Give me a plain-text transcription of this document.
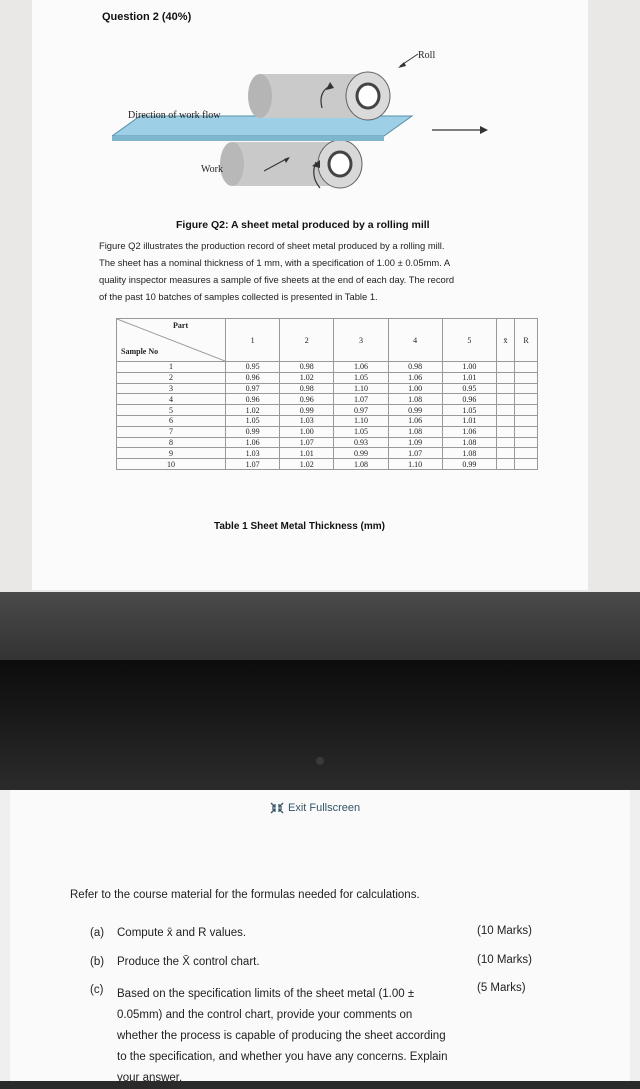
Question 2 (40%)
Roll
Direction of work flow
Work
Figure Q2: A sheet metal produced by a rolling mill
Figure Q2 illustrates the production record of sheet metal produced by a rolling mill.
The sheet has a nominal thickness of 1 mm, with a specification of 1.00 ± 0.05mm. A
quality inspector measures a sample of five sheets at the end of each day. The record
of the past 10 batches of samples collected is presented in Table 1.
Part
Sample No	1	2	3	4	5	x̄	R
1	0.95	0.98	1.06	0.98	1.00		
2	0.96	1.02	1.05	1.06	1.01		
3	0.97	0.98	1.10	1.00	0.95		
4	0.96	0.96	1.07	1.08	0.96		
5	1.02	0.99	0.97	0.99	1.05		
6	1.05	1.03	1.10	1.06	1.01		
7	0.99	1.00	1.05	1.08	1.06		
8	1.06	1.07	0.93	1.09	1.08		
9	1.03	1.01	0.99	1.07	1.08		
10	1.07	1.02	1.08	1.10	0.99		
Table 1 Sheet Metal Thickness (mm)
Refer to the course material for the formulas needed for calculations.
(a) Compute x̄ and R values.	(10 Marks)
(b) Produce the X̄ control chart.	(10 Marks)
(c) Based on the specification limits of the sheet metal (1.00 ±
0.05mm) and the control chart, provide your comments on
whether the process is capable of producing the sheet according
to the specification, and whether you have any concerns. Explain
your answer.
(5 Marks)
Exit Fullscreen
